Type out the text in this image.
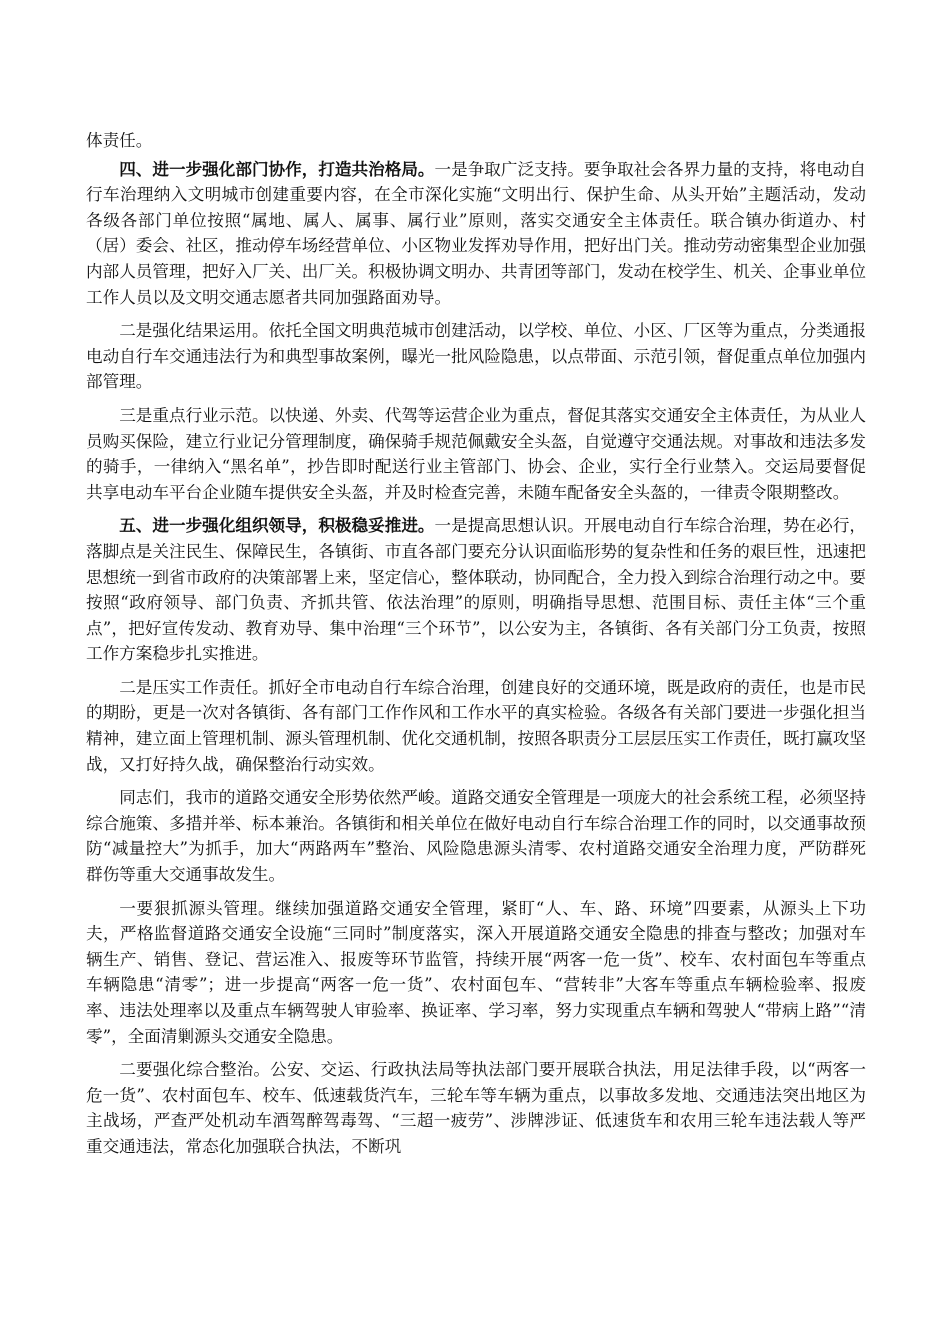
体责任。

四、进一步强化部门协作，打造共治格局。一是争取广泛支持。要争取社会各界力量的支持，将电动自行车治理纳入文明城市创建重要内容，在全市深化实施“文明出行、保护生命、从头开始”主题活动，发动各级各部门单位按照“属地、属人、属事、属行业”原则，落实交通安全主体责任。联合镇办街道办、村（居）委会、社区，推动停车场经营单位、小区物业发挥劝导作用，把好出门关。推动劳动密集型企业加强内部人员管理，把好入厂关、出厂关。积极协调文明办、共青团等部门，发动在校学生、机关、企事业单位工作人员以及文明交通志愿者共同加强路面劝导。

二是强化结果运用。依托全国文明典范城市创建活动，以学校、单位、小区、厂区等为重点，分类通报电动自行车交通违法行为和典型事故案例，曝光一批风险隐患，以点带面、示范引领，督促重点单位加强内部管理。

三是重点行业示范。以快递、外卖、代驾等运营企业为重点，督促其落实交通安全主体责任，为从业人员购买保险，建立行业记分管理制度，确保骑手规范佩戴安全头盔，自觉遵守交通法规。对事故和违法多发的骑手，一律纳入“黑名单”，抄告即时配送行业主管部门、协会、企业，实行全行业禁入。交运局要督促共享电动车平台企业随车提供安全头盔，并及时检查完善，未随车配备安全头盔的，一律责令限期整改。

五、进一步强化组织领导，积极稳妥推进。一是提高思想认识。开展电动自行车综合治理，势在必行，落脚点是关注民生、保障民生，各镇街、市直各部门要充分认识面临形势的复杂性和任务的艰巨性，迅速把思想统一到省市政府的决策部署上来，坚定信心，整体联动，协同配合，全力投入到综合治理行动之中。要按照“政府领导、部门负责、齐抓共管、依法治理”的原则，明确指导思想、范围目标、责任主体“三个重点”，把好宣传发动、教育劝导、集中治理“三个环节”，以公安为主，各镇街、各有关部门分工负责，按照工作方案稳步扎实推进。

二是压实工作责任。抓好全市电动自行车综合治理，创建良好的交通环境，既是政府的责任，也是市民的期盼，更是一次对各镇街、各有部门工作作风和工作水平的真实检验。各级各有关部门要进一步强化担当精神，建立面上管理机制、源头管理机制、优化交通机制，按照各职责分工层层压实工作责任，既打赢攻坚战，又打好持久战，确保整治行动实效。

同志们，我市的道路交通安全形势依然严峻。道路交通安全管理是一项庞大的社会系统工程，必须坚持综合施策、多措并举、标本兼治。各镇街和相关单位在做好电动自行车综合治理工作的同时，以交通事故预防“减量控大”为抓手，加大“两路两车”整治、风险隐患源头清零、农村道路交通安全治理力度，严防群死群伤等重大交通事故发生。

一要狠抓源头管理。继续加强道路交通安全管理，紧盯“人、车、路、环境”四要素，从源头上下功夫，严格监督道路交通安全设施“三同时”制度落实，深入开展道路交通安全隐患的排查与整改；加强对车辆生产、销售、登记、营运准入、报废等环节监管，持续开展“两客一危一货”、校车、农村面包车等重点车辆隐患“清零”；进一步提高“两客一危一货”、农村面包车、“营转非”大客车等重点车辆检验率、报废率、违法处理率以及重点车辆驾驶人审验率、换证率、学习率，努力实现重点车辆和驾驶人“带病上路”“清零”，全面清剿源头交通安全隐患。

二要强化综合整治。公安、交运、行政执法局等执法部门要开展联合执法，用足法律手段，以“两客一危一货”、农村面包车、校车、低速载货汽车，三轮车等车辆为重点，以事故多发地、交通违法突出地区为主战场，严查严处机动车酒驾醉驾毒驾、“三超一疲劳”、涉牌涉证、低速货车和农用三轮车违法载人等严重交通违法，常态化加强联合执法，不断巩
